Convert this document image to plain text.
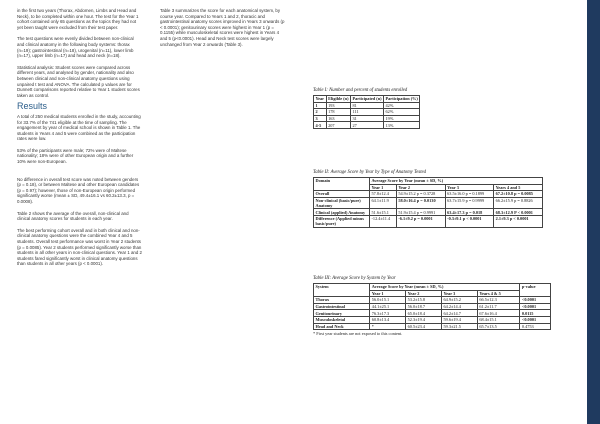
in the first two years (Thorax, Abdomen, Limbs and Head and Neck), to be completed within one hour. The test for the Year 1 cohort contained only 65 questions as the topics they had not yet been taught were excluded from their test paper.

The test questions were evenly divided between non-clinical and clinical anatomy in the following body systems: thorax (n=19); gastrointestinal (n=18), urogenital (n=11), lower limb (n=17), upper limb (n=17) and head and neck (n=18).

Statistical analysis: Student scores were compared across different years, and analysed by gender, nationality and also between clinical and non-clinical anatomy questions using unpaired t test and ANOVA. The calculated p values are for Dunnett comparisons reported relative to Year 1 student scores taken as control.

Results

A total of 250 medical students enrolled in the study, accounting for 33.7% of the 741 eligible at the time of sampling. The engagement by year of medical school is shown in Table 1. The students in Years 4 and 5 were combined as the participation rates were low.

53% of the participants were male; 72% were of Maltese nationality; 18% were of other European origin and a further 10% were non-European.

No difference in overall test score was noted between genders (p = 0.18), or between Maltese and other European candidates (p = 0.97); however, those of non-European origin performed significantly worse (mean ± SD, 49.4±16.1 vs 60.2±13.3, p = 0.0008).

Table 2 shows the average of the overall, non-clinical and clinical anatomy scores for students in each year.

The best performing cohort overall and in both clinical and non-clinical anatomy questions were the combined Year 4 and 5 students. Overall test performance was worst in Year 2 students (p = 0.0085). Year 2 students performed significantly worse than students in all other years in non-clinical questions. Year 1 and 2 students fared significantly worst in clinical anatomy questions than students in all other years (p < 0.0001).

Table 3 summarizes the score for each anatomical system, by course year. Compared to Years 1 and 2, thoracic and gastrointestinal anatomy scores improved in Years 3 onwards (p < 0.0001); genitourinary scores were highest in Year 1 (p = 0.1155) while musculoskeletal scores were highest in Years 4 and 5 (p<0.0001). Head and Neck test scores were largely unchanged from Year 2 onwards (Table 3).

Table I: Number and percent of students enrolled
Year	Eligible (n)	Participated (n)	Participation (%)
1	193	81	42%
2	178	111	62%
3	163	31	19%
4-5	207	27	13%
Table II: Average Score by Year by Type of Anatomy Tested
Domain	Average Score by Year (mean ± SD, %)			
	Year 1	Year 2	Year 3	Years 4 and 5
Overall	57.8±12.4	54.9±15.2 p = 0.3728	63.5±16.0 p = 0.1899	67.2±10.8 p = 0.0085
Non-clinical (basic/pure) Anatomy	64.1±11.9	58.0±16.4 p = 0.0130	63.7±15.9 p = 0.9999	66.2±15.9 p = 0.8826
Clinical (applied) Anatomy	51.6±15.1	51.9±15.4 p = 0.9991	63.4±17.3 p = 0.018	68.3±12.9 P < 0.0001
Difference (Applied minus basic/pure)	-12.4±11.4	-6.1±9.2 p = 0.0001	-0.3±9.1 p < 0.0001	2.1±9.3 p < 0.0001
Table III: Average Score by System by Year
System	Average Score by Year (mean ± SD, %)				p-value
	Year 1	Year 2	Year 3	Years 4 & 5	
Thorax	56.0±15.1	53.2±15.8	64.9±15.2	66.5±12.3	<0.0001
Gastrointestinal	44.1±25.1	56.0±18.7	64.2±14.4	61.2±11.7	<0.0001
Genitourinary	76.3±17.3	65.0±18.4	64.2±14.7	67.6±16.4	0.0115
Musculoskeletal	60.8±13.4	52.3±19.4	59.6±19.4	68.4±15.1	<0.0001
Head and Neck	*	60.5±23.4	59.3±21.5	65.7±13.5	0.4753
* First year students are not exposed to this content.
